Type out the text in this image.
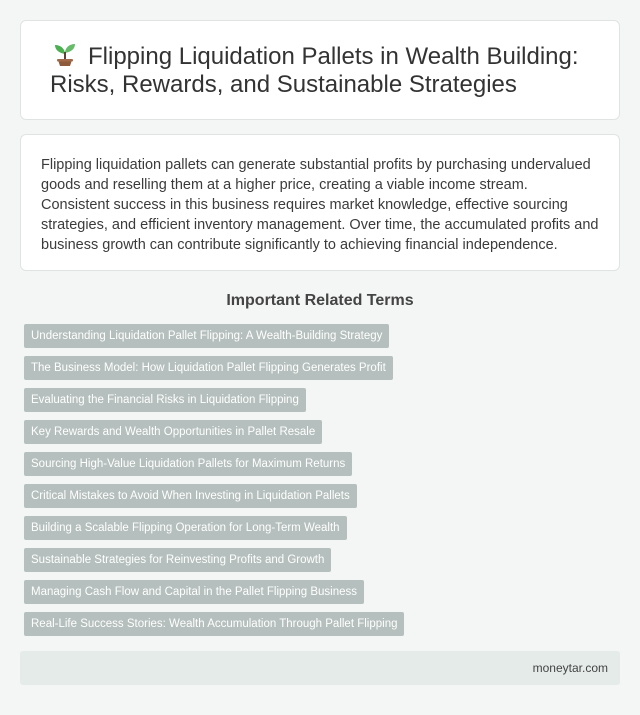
Flipping Liquidation Pallets in Wealth Building: Risks, Rewards, and Sustainable Strategies

Flipping liquidation pallets can generate substantial profits by purchasing undervalued goods and reselling them at a higher price, creating a viable income stream. Consistent success in this business requires market knowledge, effective sourcing strategies, and efficient inventory management. Over time, the accumulated profits and business growth can contribute significantly to achieving financial independence.

Important Related Terms
Understanding Liquidation Pallet Flipping: A Wealth-Building Strategy
The Business Model: How Liquidation Pallet Flipping Generates Profit
Evaluating the Financial Risks in Liquidation Flipping
Key Rewards and Wealth Opportunities in Pallet Resale
Sourcing High-Value Liquidation Pallets for Maximum Returns
Critical Mistakes to Avoid When Investing in Liquidation Pallets
Building a Scalable Flipping Operation for Long-Term Wealth
Sustainable Strategies for Reinvesting Profits and Growth
Managing Cash Flow and Capital in the Pallet Flipping Business
Real-Life Success Stories: Wealth Accumulation Through Pallet Flipping
moneytar.com
